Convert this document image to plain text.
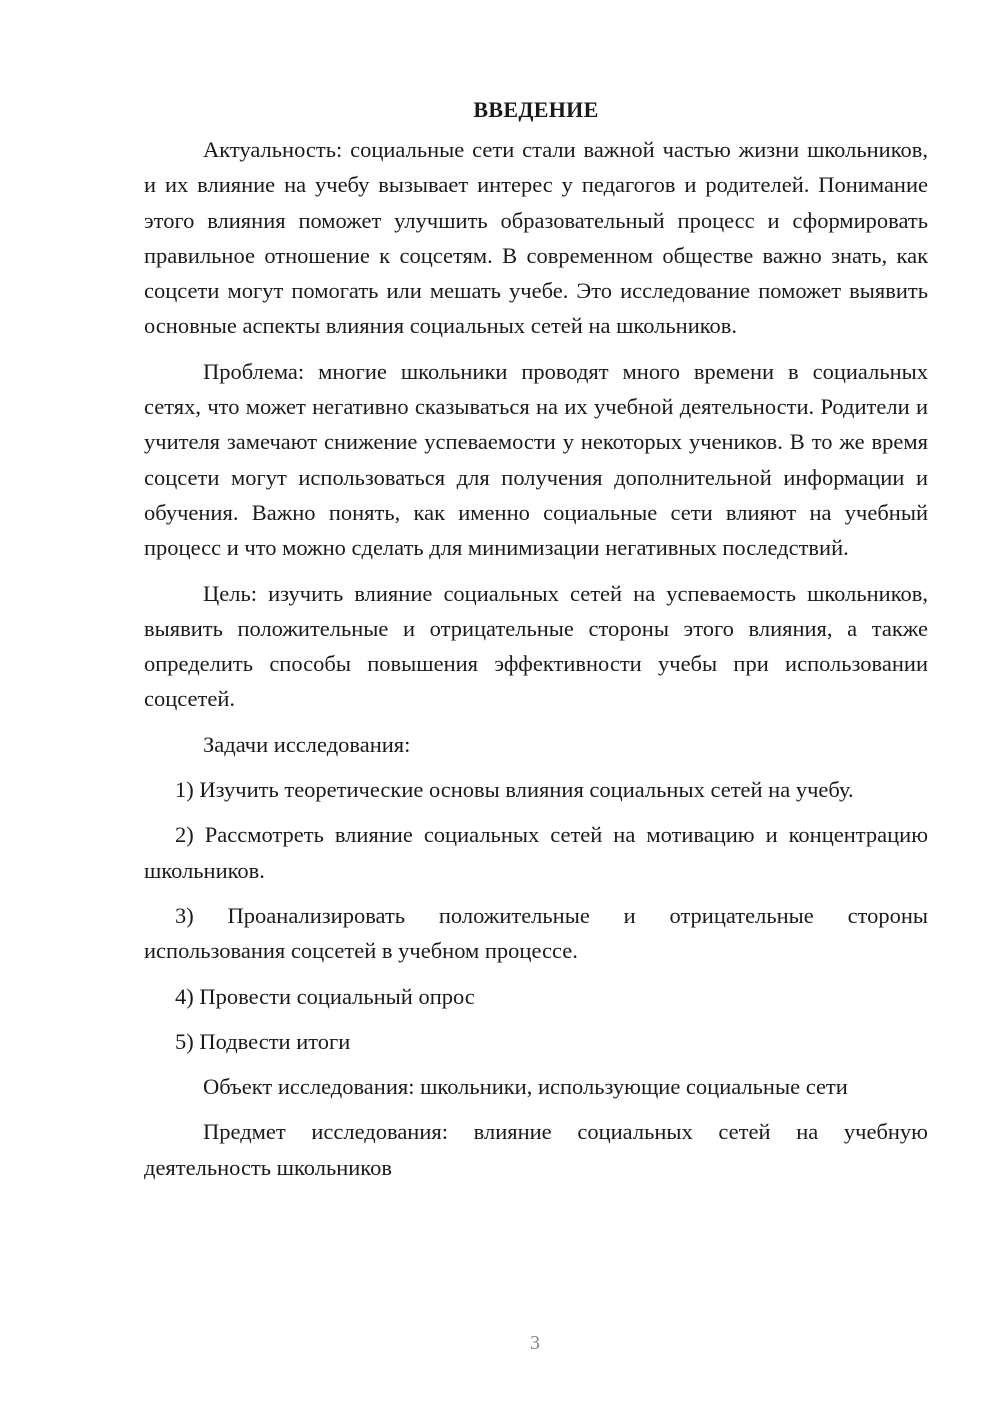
ВВЕДЕНИЕ

Актуальность: социальные сети стали важной частью жизни школьников, и их влияние на учебу вызывает интерес у педагогов и родителей. Понимание этого влияния поможет улучшить образовательный процесс и сформировать правильное отношение к соцсетям. В современном обществе важно знать, как соцсети могут помогать или мешать учебе. Это исследование поможет выявить основные аспекты влияния социальных сетей на школьников.

Проблема: многие школьники проводят много времени в социальных сетях, что может негативно сказываться на их учебной деятельности. Родители и учителя замечают снижение успеваемости у некоторых учеников. В то же время соцсети могут использоваться для получения дополнительной информации и обучения. Важно понять, как именно социальные сети влияют на учебный процесс и что можно сделать для минимизации негативных последствий.

Цель: изучить влияние социальных сетей на успеваемость школьников, выявить положительные и отрицательные стороны этого влияния, а также определить способы повышения эффективности учебы при использовании соцсетей.

Задачи исследования:

1) Изучить теоретические основы влияния социальных сетей на учебу.

2) Рассмотреть влияние социальных сетей на мотивацию и концентрацию школьников.

3) Проанализировать положительные и отрицательные стороны использования соцсетей в учебном процессе.

4) Провести социальный опрос

5) Подвести итоги

Объект исследования: школьники, использующие социальные сети

Предмет исследования: влияние социальных сетей на учебную деятельность школьников

3
